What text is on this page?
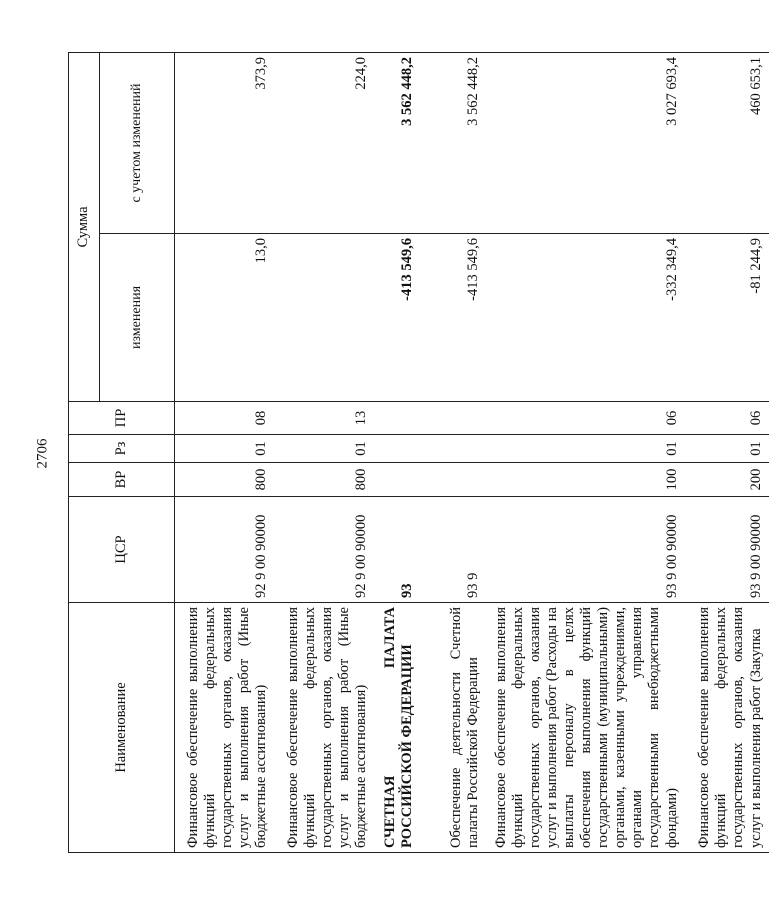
2706
Наименование	ЦСР	ВР	Рз	ПР	Сумма	
					изменения	с учетом изменений
Финансовое обеспечение выполнения функций федеральных государственных органов, оказания услуг и выполнения работ (Иные бюджетные ассигнования)	92 9 00 90000	800	01	08	13,0	373,9
Финансовое обеспечение выполнения функций федеральных государственных органов, оказания услуг и выполнения работ (Иные бюджетные ассигнования)	92 9 00 90000	800	01	13		224,0
СЧЕТНАЯ ПАЛАТА РОССИЙСКОЙ ФЕДЕРАЦИИ	93				-413 549,6	3 562 448,2
Обеспечение деятельности Счетной палаты Российской Федерации	93 9				-413 549,6	3 562 448,2
Финансовое обеспечение выполнения функций федеральных государственных органов, оказания услуг и выполнения работ (Расходы на выплаты персоналу в целях обеспечения выполнения функций государственными (муниципальными) органами, казенными учреждениями, органами управления государственными внебюджетными фондами)	93 9 00 90000	100	01	06	-332 349,4	3 027 693,4
Финансовое обеспечение выполнения функций федеральных государственных органов, оказания услуг и выполнения работ (Закупка	93 9 00 90000	200	01	06	-81 244,9	460 653,1
